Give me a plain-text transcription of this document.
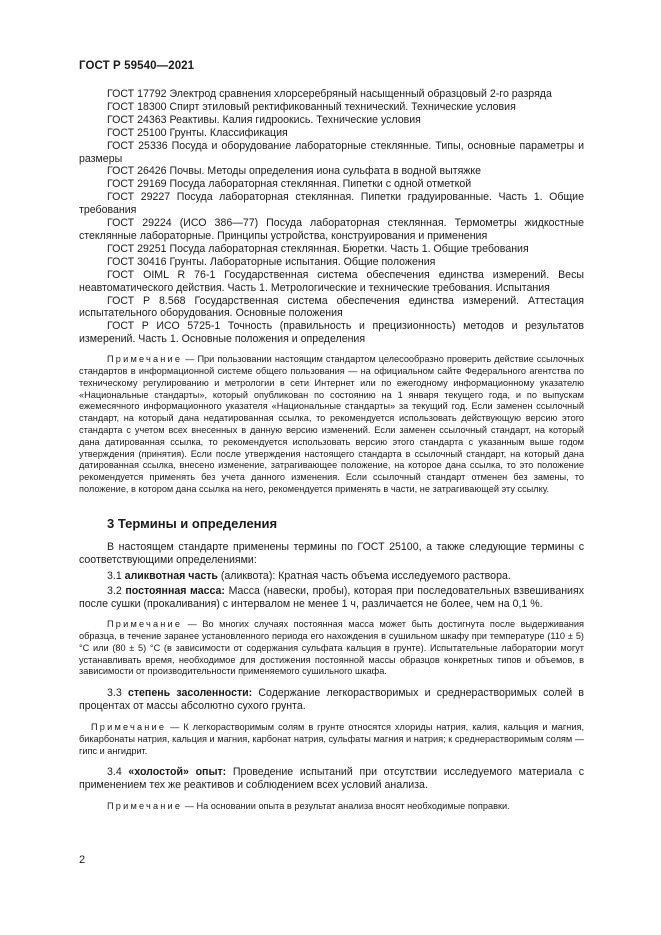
ГОСТ Р 59540—2021

ГОСТ 17792 Электрод сравнения хлорсеребряный насыщенный образцовый 2-го разряда

ГОСТ 18300 Спирт этиловый ректификованный технический. Технические условия

ГОСТ 24363 Реактивы. Калия гидроокись. Технические условия

ГОСТ 25100 Грунты. Классификация

ГОСТ 25336 Посуда и оборудование лабораторные стеклянные. Типы, основные параметры и размеры

ГОСТ 26426 Почвы. Методы определения иона сульфата в водной вытяжке

ГОСТ 29169 Посуда лабораторная стеклянная. Пипетки с одной отметкой

ГОСТ 29227 Посуда лабораторная стеклянная. Пипетки градуированные. Часть 1. Общие требования

ГОСТ 29224 (ИСО 386—77) Посуда лабораторная стеклянная. Термометры жидкостные стеклянные лабораторные. Принципы устройства, конструирования и применения

ГОСТ 29251 Посуда лабораторная стеклянная. Бюретки. Часть 1. Общие требования

ГОСТ 30416 Грунты. Лабораторные испытания. Общие положения

ГОСТ OIML R 76-1 Государственная система обеспечения единства измерений. Весы неавтоматического действия. Часть 1. Метрологические и технические требования. Испытания

ГОСТ Р 8.568 Государственная система обеспечения единства измерений. Аттестация испытательного оборудования. Основные положения

ГОСТ Р ИСО 5725-1 Точность (правильность и прецизионность) методов и результатов измерений. Часть 1. Основные положения и определения

Примечание — При пользовании настоящим стандартом целесообразно проверить действие ссылочных стандартов в информационной системе общего пользования — на официальном сайте Федерального агентства по техническому регулированию и метрологии в сети Интернет или по ежегодному информационному указателю «Национальные стандарты», который опубликован по состоянию на 1 января текущего года, и по выпускам ежемесячного информационного указателя «Национальные стандарты» за текущий год. Если заменен ссылочный стандарт, на который дана недатированная ссылка, то рекомендуется использовать действующую версию этого стандарта с учетом всех внесенных в данную версию изменений. Если заменен ссылочный стандарт, на который дана датированная ссылка, то рекомендуется использовать версию этого стандарта с указанным выше годом утверждения (принятия). Если после утверждения настоящего стандарта в ссылочный стандарт, на который дана датированная ссылка, внесено изменение, затрагивающее положение, на которое дана ссылка, то это положение рекомендуется применять без учета данного изменения. Если ссылочный стандарт отменен без замены, то положение, в котором дана ссылка на него, рекомендуется применять в части, не затрагивающей эту ссылку.

3 Термины и определения

В настоящем стандарте применены термины по ГОСТ 25100, а также следующие термины с соответствующими определениями:

3.1 аликвотная часть (аликвота): Кратная часть объема исследуемого раствора.

3.2 постоянная масса: Масса (навески, пробы), которая при последовательных взвешиваниях после сушки (прокаливания) с интервалом не менее 1 ч, различается не более, чем на 0,1 %.

Примечание — Во многих случаях постоянная масса может быть достигнута после выдерживания образца, в течение заранее установленного периода его нахождения в сушильном шкафу при температуре (110 ± 5) °С или (80 ± 5) °С (в зависимости от содержания сульфата кальция в грунте). Испытательные лаборатории могут устанавливать время, необходимое для достижения постоянной массы образцов конкретных типов и объемов, в зависимости от производительности применяемого сушильного шкафа.

3.3 степень засоленности: Содержание легкорастворимых и среднерастворимых солей в процентах от массы абсолютно сухого грунта.

Примечание — К легкорастворимым солям в грунте относятся хлориды натрия, калия, кальция и магния, бикарбонаты натрия, кальция и магния, карбонат натрия, сульфаты магния и натрия; к среднерастворимым солям — гипс и ангидрит.

3.4 «холостой» опыт: Проведение испытаний при отсутствии исследуемого материала с применением тех же реактивов и соблюдением всех условий анализа.

Примечание — На основании опыта в результат анализа вносят необходимые поправки.

2
